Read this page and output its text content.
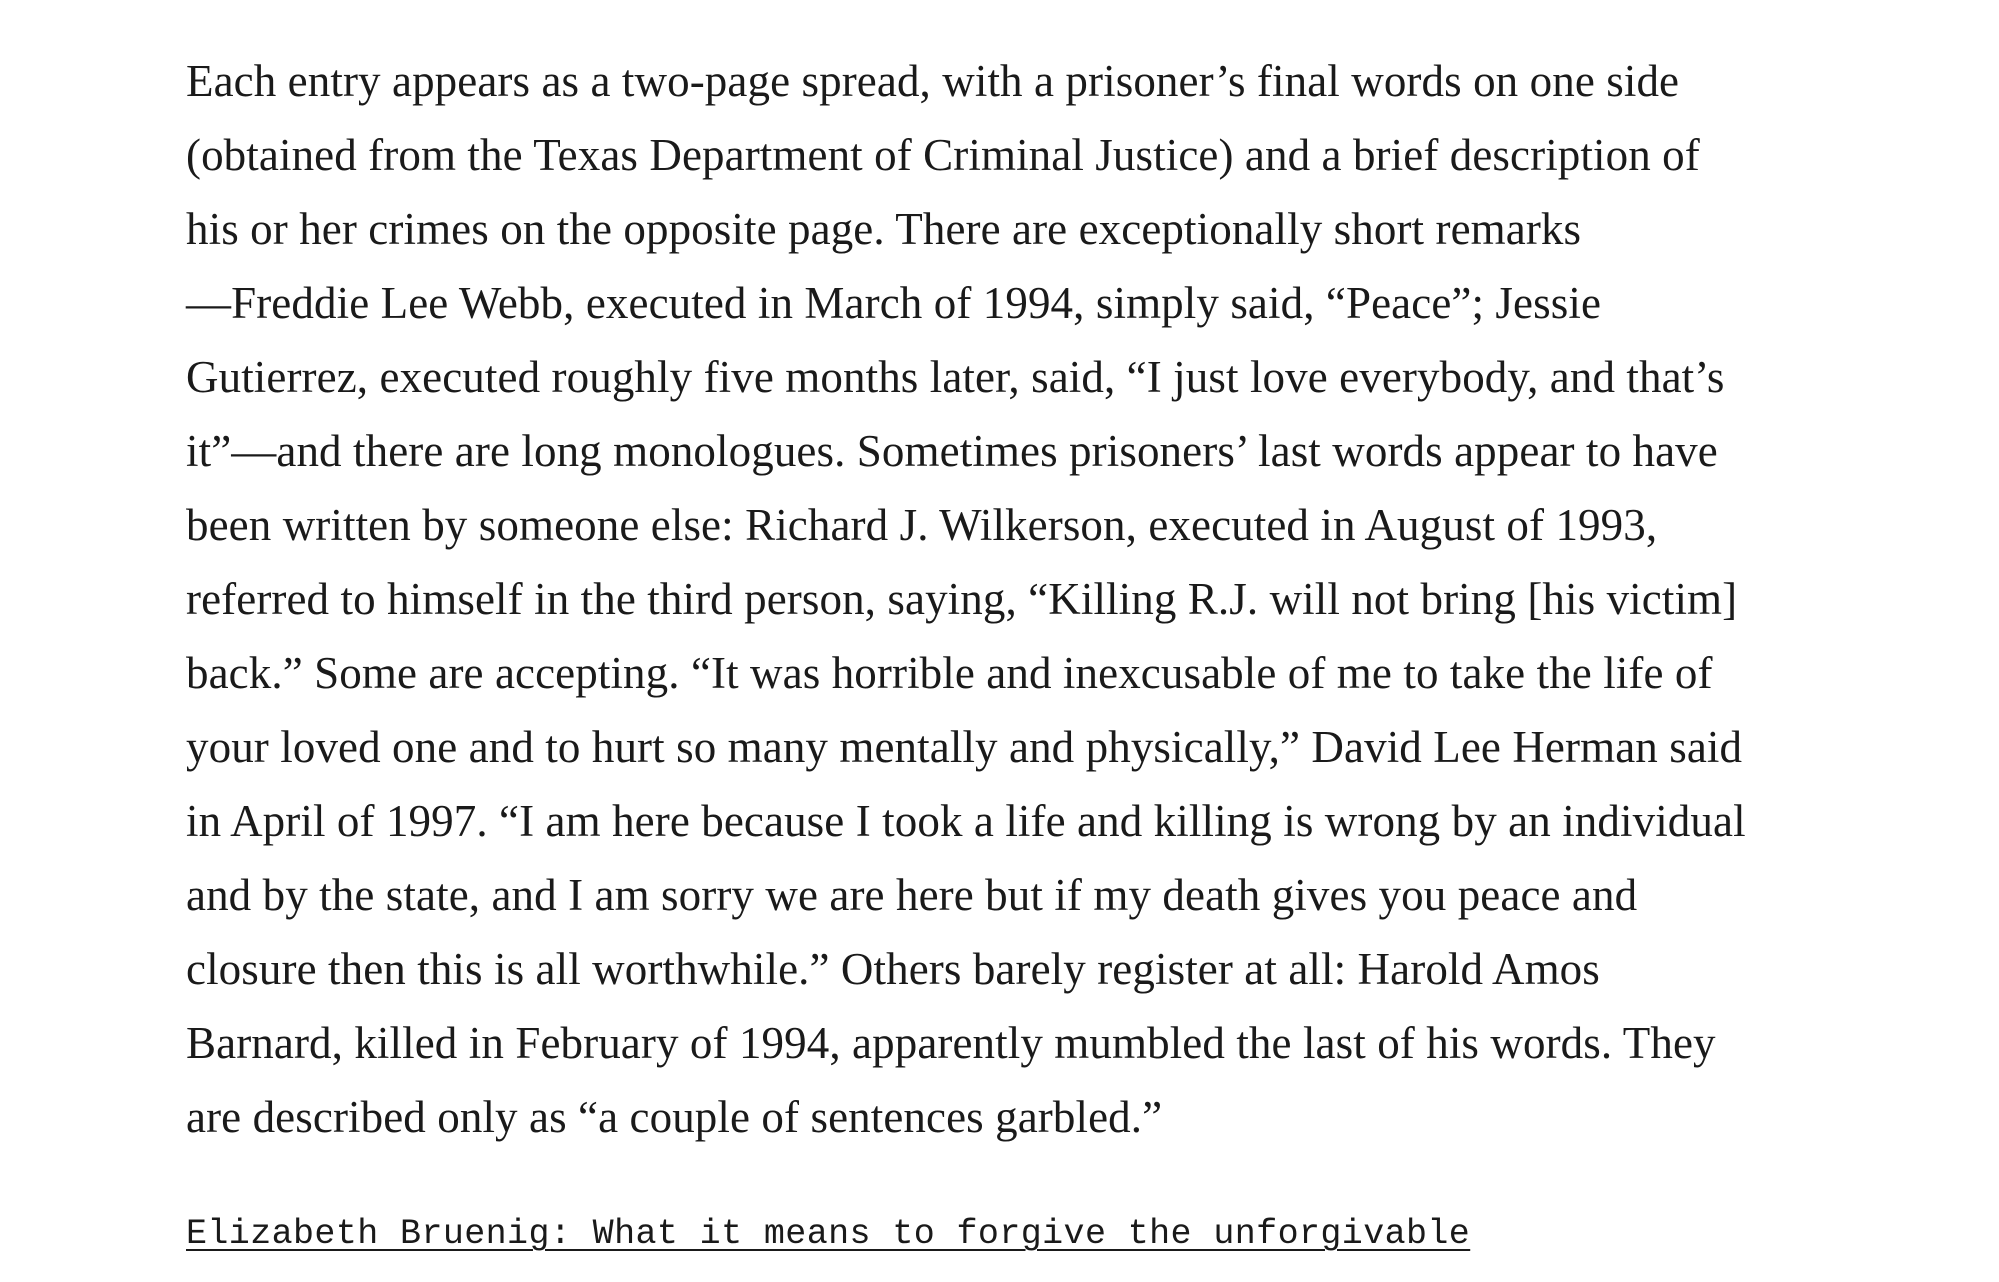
Each entry appears as a two-page spread, with a prisoner’s final words on one side
(obtained from the Texas Department of Criminal Justice) and a brief description of
his or her crimes on the opposite page. There are exceptionally short remarks
—Freddie Lee Webb, executed in March of 1994, simply said, “Peace”; Jessie
Gutierrez, executed roughly five months later, said, “I just love everybody, and that’s
it”—and there are long monologues. Sometimes prisoners’ last words appear to have
been written by someone else: Richard J. Wilkerson, executed in August of 1993,
referred to himself in the third person, saying, “Killing R.J. will not bring [his victim]
back.” Some are accepting. “It was horrible and inexcusable of me to take the life of
your loved one and to hurt so many mentally and physically,” David Lee Herman said
in April of 1997. “I am here because I took a life and killing is wrong by an individual
and by the state, and I am sorry we are here but if my death gives you peace and
closure then this is all worthwhile.” Others barely register at all: Harold Amos
Barnard, killed in February of 1994, apparently mumbled the last of his words. They
are described only as “a couple of sentences garbled.”

Elizabeth Bruenig: What it means to forgive the unforgivable
